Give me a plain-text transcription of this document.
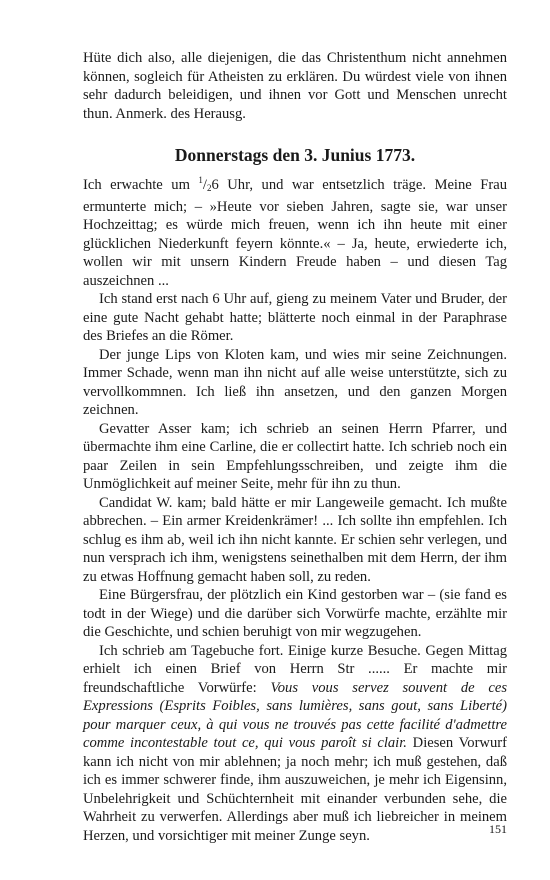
Hüte dich also, alle diejenigen, die das Christenthum nicht annehmen können, sogleich für Atheisten zu erklären. Du würdest viele von ihnen sehr dadurch beleidigen, und ihnen vor Gott und Menschen unrecht thun. Anmerk. des Herausg.

Donnerstags den 3. Junius 1773.

Ich erwachte um $^1/_26$ Uhr, und war entsetzlich träge. Meine Frau ermunterte mich; – »Heute vor sieben Jahren, sagte sie, war unser Hochzeittag; es würde mich freuen, wenn ich ihn heute mit einer glücklichen Niederkunft feyern könnte.« – Ja, heute, erwiederte ich, wollen wir mit unsern Kindern Freude haben – und diesen Tag auszeichnen ...

Ich stand erst nach 6 Uhr auf, gieng zu meinem Vater und Bruder, der eine gute Nacht gehabt hatte; blätterte noch einmal in der Paraphrase des Briefes an die Römer.

Der junge Lips von Kloten kam, und wies mir seine Zeichnungen. Immer Schade, wenn man ihn nicht auf alle weise unterstützte, sich zu vervollkommnen. Ich ließ ihn ansetzen, und den ganzen Morgen zeichnen.

Gevatter Asser kam; ich schrieb an seinen Herrn Pfarrer, und übermachte ihm eine Carline, die er collectirt hatte. Ich schrieb noch ein paar Zeilen in sein Empfehlungsschreiben, und zeigte ihm die Unmöglichkeit auf meiner Seite, mehr für ihn zu thun.

Candidat W. kam; bald hätte er mir Langeweile gemacht. Ich mußte abbrechen. – Ein armer Kreidenkrämer! ... Ich sollte ihn empfehlen. Ich schlug es ihm ab, weil ich ihn nicht kannte. Er schien sehr verlegen, und nun versprach ich ihm, wenigstens seinethalben mit dem Herrn, der ihm zu etwas Hoffnung gemacht haben soll, zu reden.

Eine Bürgersfrau, der plötzlich ein Kind gestorben war – (sie fand es todt in der Wiege) und die darüber sich Vorwürfe machte, erzählte mir die Geschichte, und schien beruhigt von mir wegzugehen.

Ich schrieb am Tagebuche fort. Einige kurze Besuche. Gegen Mittag erhielt ich einen Brief von Herrn Str ...... Er machte mir freundschaftliche Vorwürfe: Vous vous servez souvent de ces Expressions (Esprits Foibles, sans lumières, sans gout, sans Liberté) pour marquer ceux, à qui vous ne trouvés pas cette facilité d'admettre comme incontestable tout ce, qui vous paroît si clair. Diesen Vorwurf kann ich nicht von mir ablehnen; ja noch mehr; ich muß gestehen, daß ich es immer schwerer finde, ihm auszuweichen, je mehr ich Eigensinn, Unbelehrigkeit und Schüchternheit mit einander verbunden sehe, die Wahrheit zu verwerfen. Allerdings aber muß ich liebreicher in meinem Herzen, und vorsichtiger mit meiner Zunge seyn.	151
